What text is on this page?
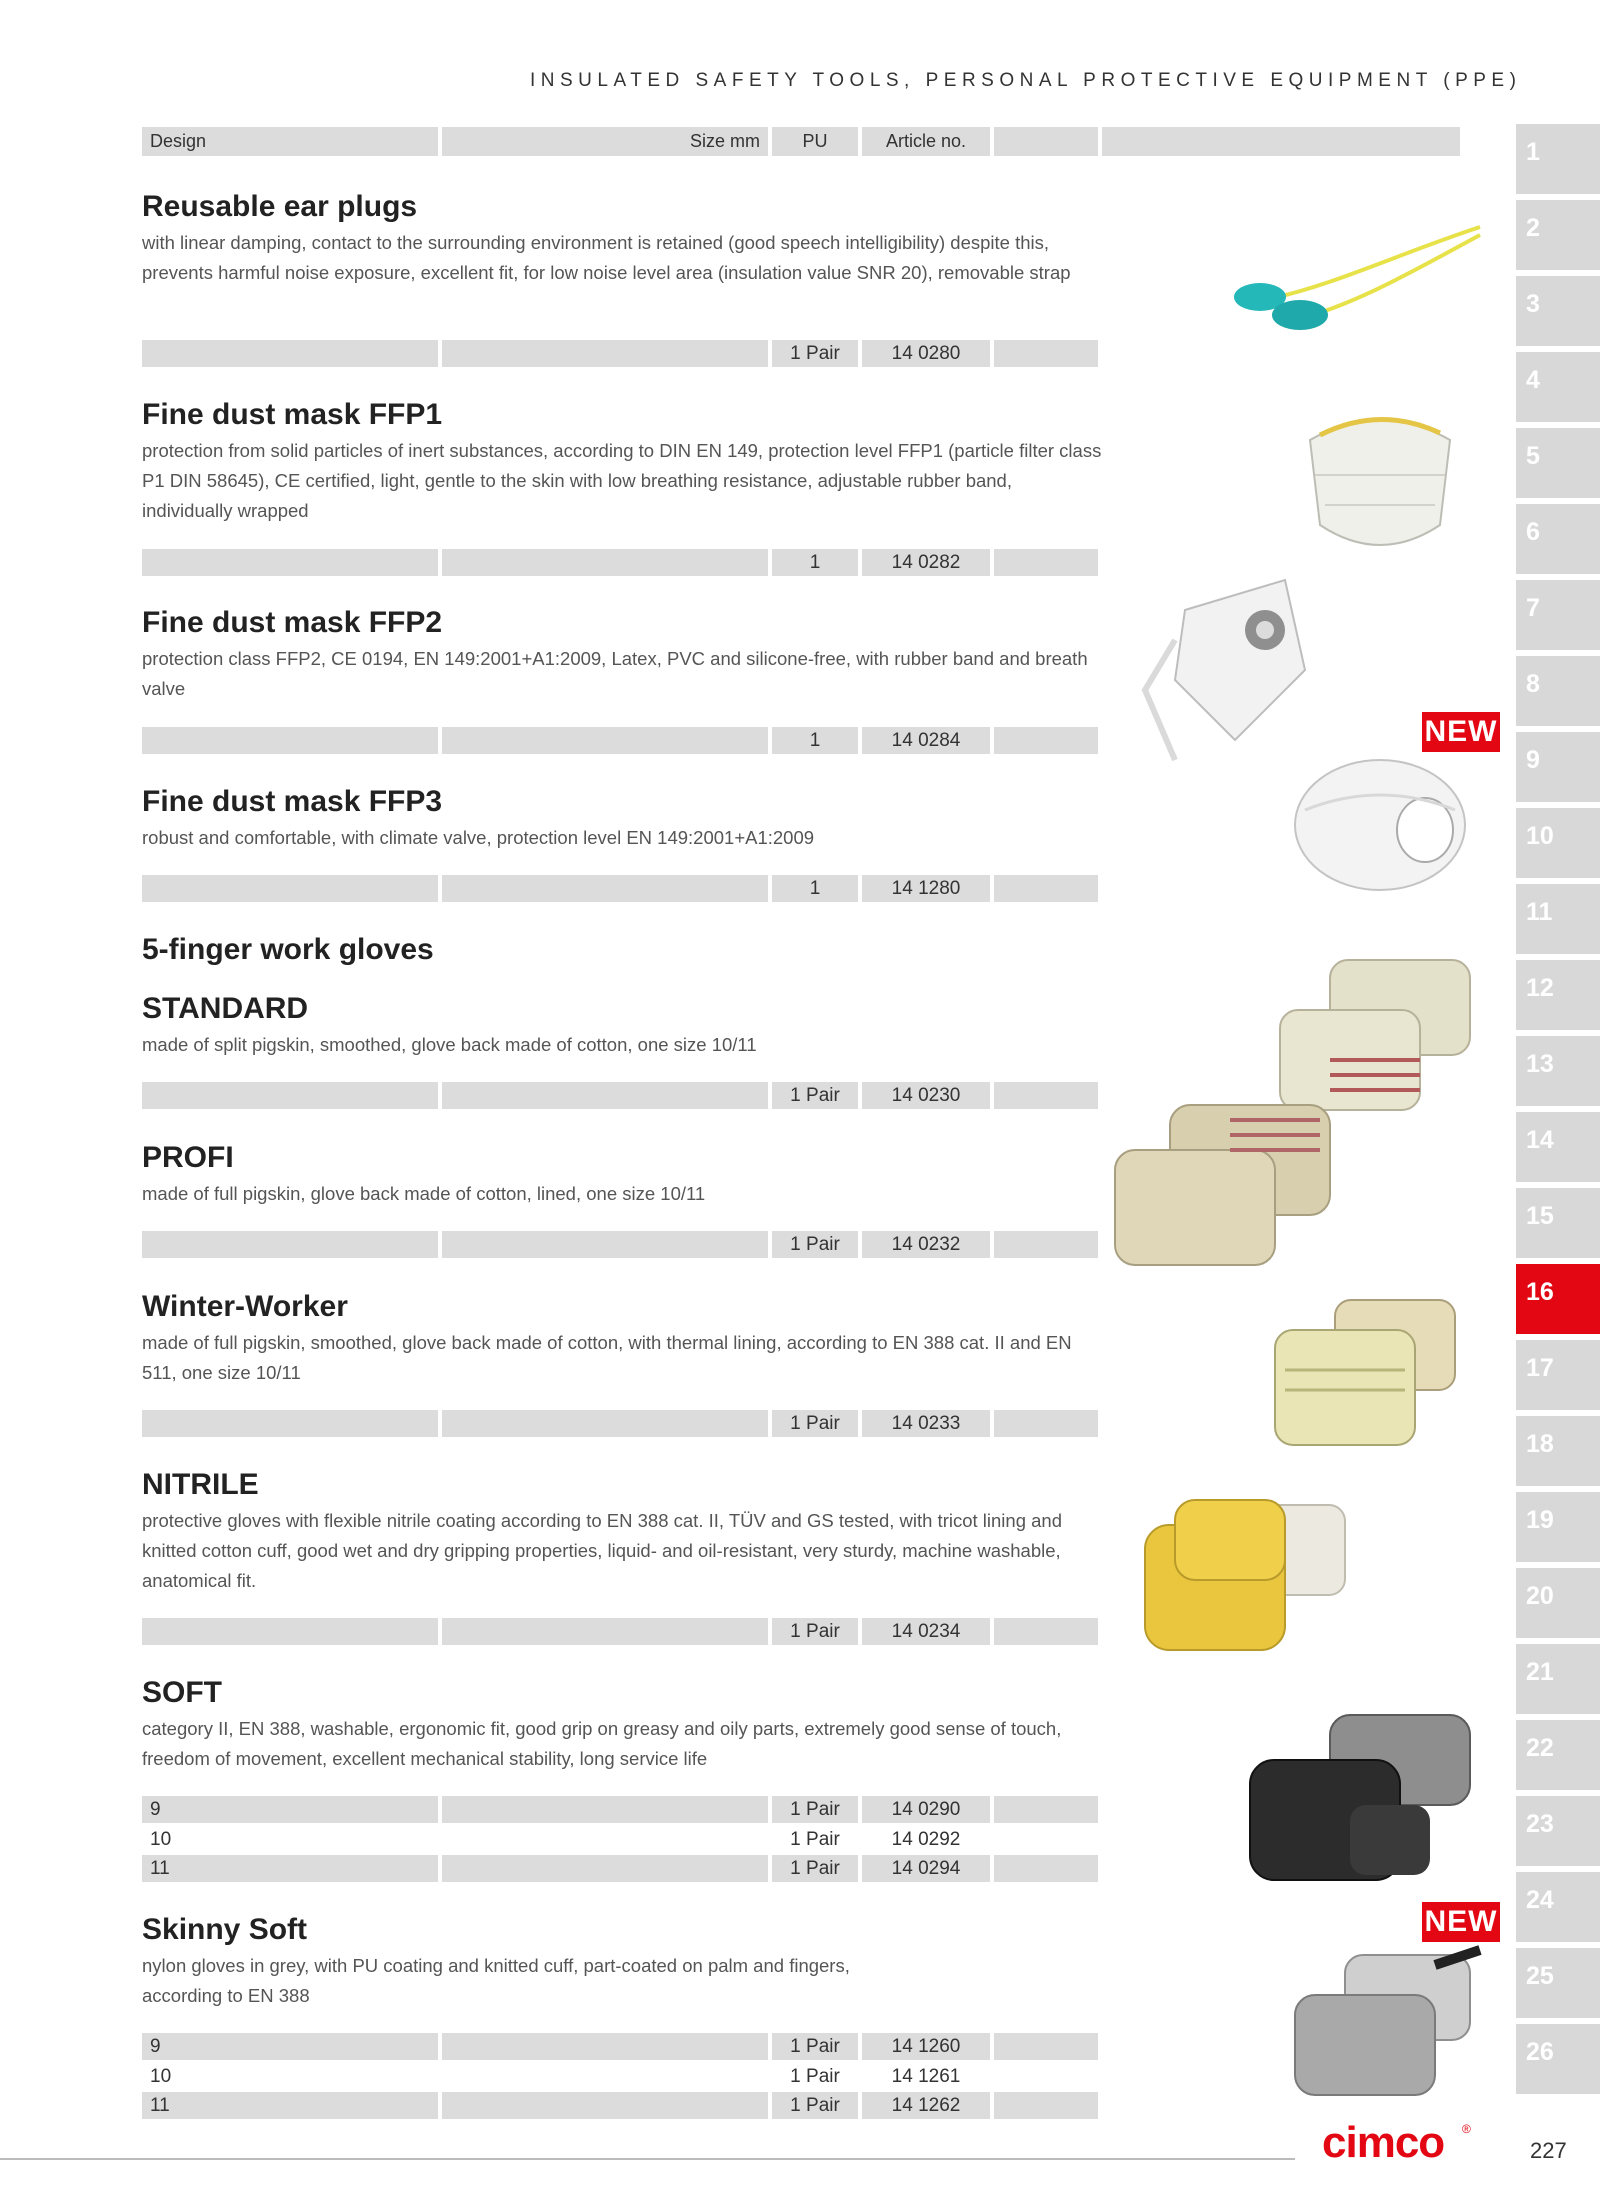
INSULATED SAFETY TOOLS, PERSONAL PROTECTIVE EQUIPMENT (PPE)
Design	Size mm	PU	Article no.
Reusable ear plugs
with linear damping, contact to the surrounding environment is retained (good speech intelligibility) despite this, prevents harmful noise exposure, excellent fit, for low noise level area (insulation value SNR 20), removable strap
1 Pair	14 0280
Fine dust mask FFP1
protection from solid particles of inert substances, according to DIN EN 149, protection level FFP1 (particle filter class P1 DIN 58645), CE certified, light, gentle to the skin with low breathing resistance, adjustable rubber band, individually wrapped
1	14 0282
Fine dust mask FFP2
protection class FFP2, CE 0194, EN 149:2001+A1:2009, Latex, PVC and silicone-free, with rubber band and breath valve
1	14 0284
Fine dust mask FFP3
robust and comfortable, with climate valve, protection level EN 149:2001+A1:2009
1	14 1280
5-finger work gloves
STANDARD
made of split pigskin, smoothed, glove back made of cotton, one size 10/11
1 Pair	14 0230
PROFI
made of full pigskin, glove back made of cotton, lined, one size 10/11
1 Pair	14 0232
Winter-Worker
made of full pigskin, smoothed, glove back made of cotton, with thermal lining, according to EN 388 cat. II and EN 511, one size 10/11
1 Pair	14 0233
NITRILE
protective gloves with flexible nitrile coating according to EN 388 cat. II, TÜV and GS tested, with tricot lining and knitted cotton cuff, good wet and dry gripping properties, liquid- and oil-resistant, very sturdy, machine washable, anatomical fit.
1 Pair	14 0234
SOFT
category II, EN 388, washable, ergonomic fit, good grip on greasy and oily parts, extremely good sense of touch, freedom of movement, excellent mechanical stability, long service life
9	1 Pair	14 0290
10	1 Pair	14 0292
11	1 Pair	14 0294
Skinny Soft
nylon gloves in grey, with PU coating and knitted cuff, part-coated on palm and fingers, according to EN 388
9	1 Pair	14 1260
10	1 Pair	14 1261
11	1 Pair	14 1262
NEW
NEW
1
2
3
4
5
6
7
8
9
10
11
12
13
14
15
16
17
18
19
20
21
22
23
24
25
26
cimco ®
227
